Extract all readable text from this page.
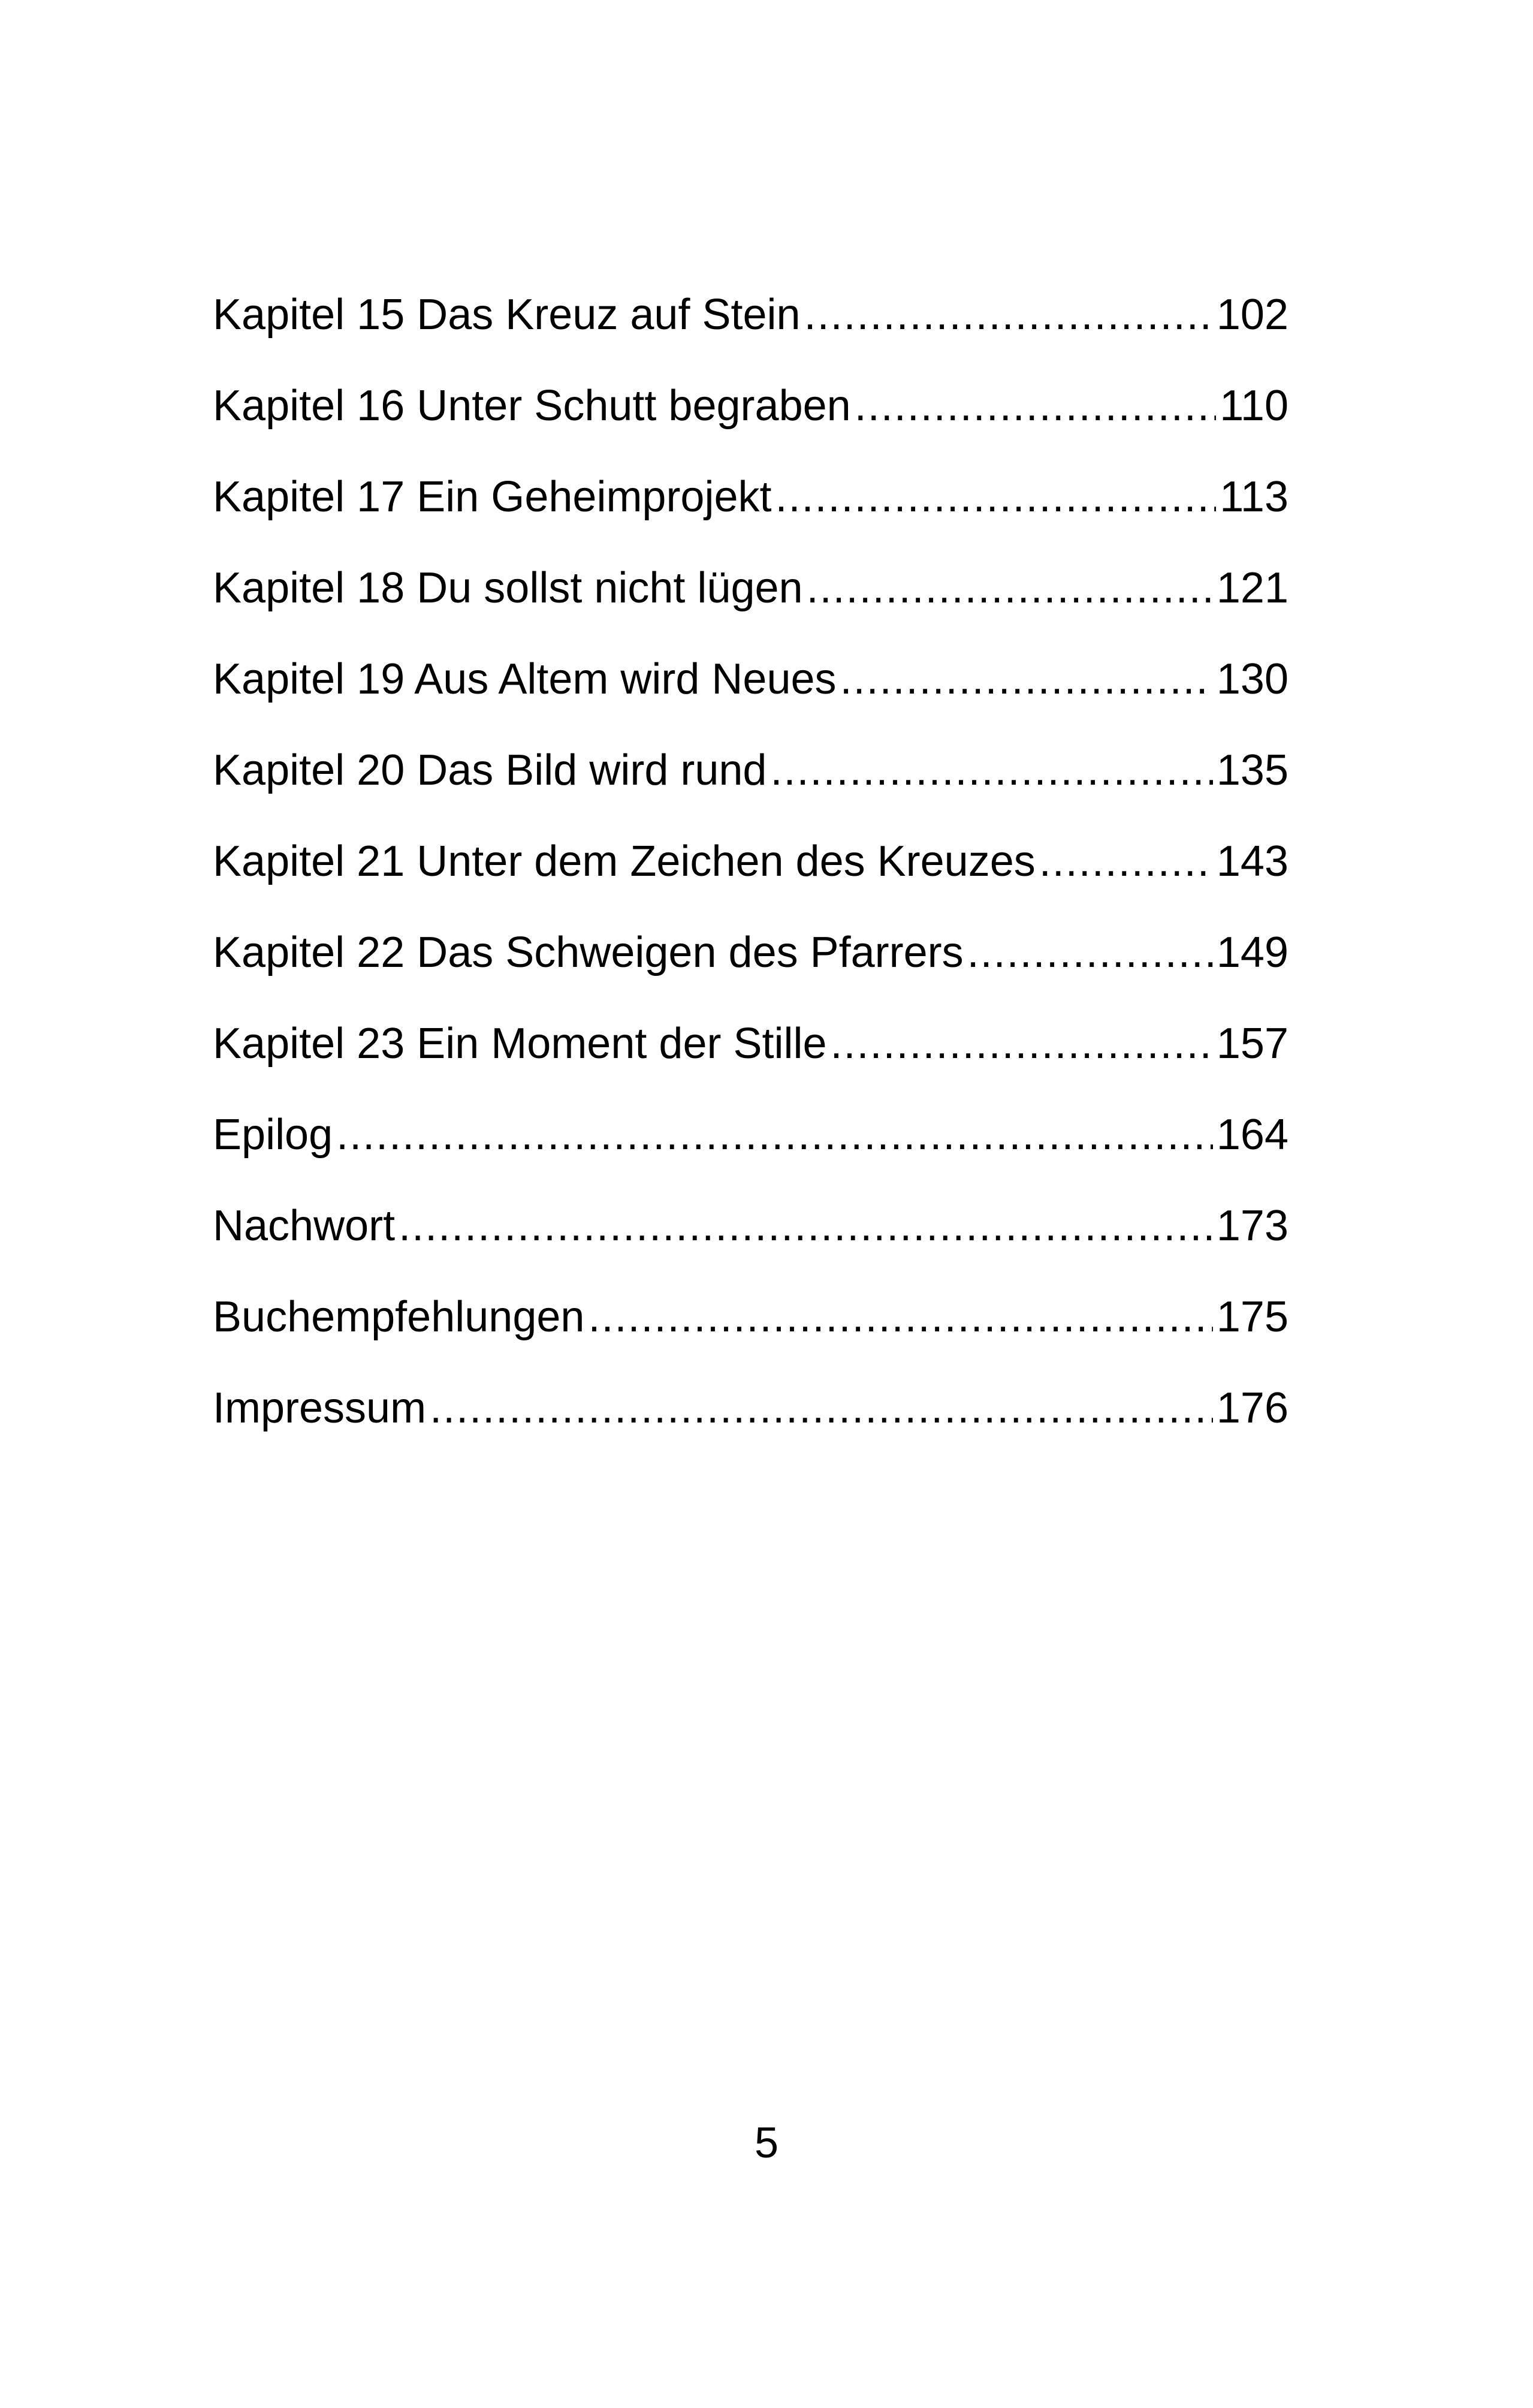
Kapitel 15 Das Kreuz auf Stein .....	102
Kapitel 16 Unter Schutt begraben .....	110
Kapitel 17 Ein Geheimprojekt .....	113
Kapitel 18 Du sollst nicht lügen .....	121
Kapitel 19 Aus Altem wird Neues .....	130
Kapitel 20 Das Bild wird rund .....	135
Kapitel 21 Unter dem Zeichen des Kreuzes .....	143
Kapitel 22 Das Schweigen des Pfarrers .....	149
Kapitel 23 Ein Moment der Stille .....	157
Epilog .....	164
Nachwort .....	173
Buchempfehlungen .....	175
Impressum .....	176
5
